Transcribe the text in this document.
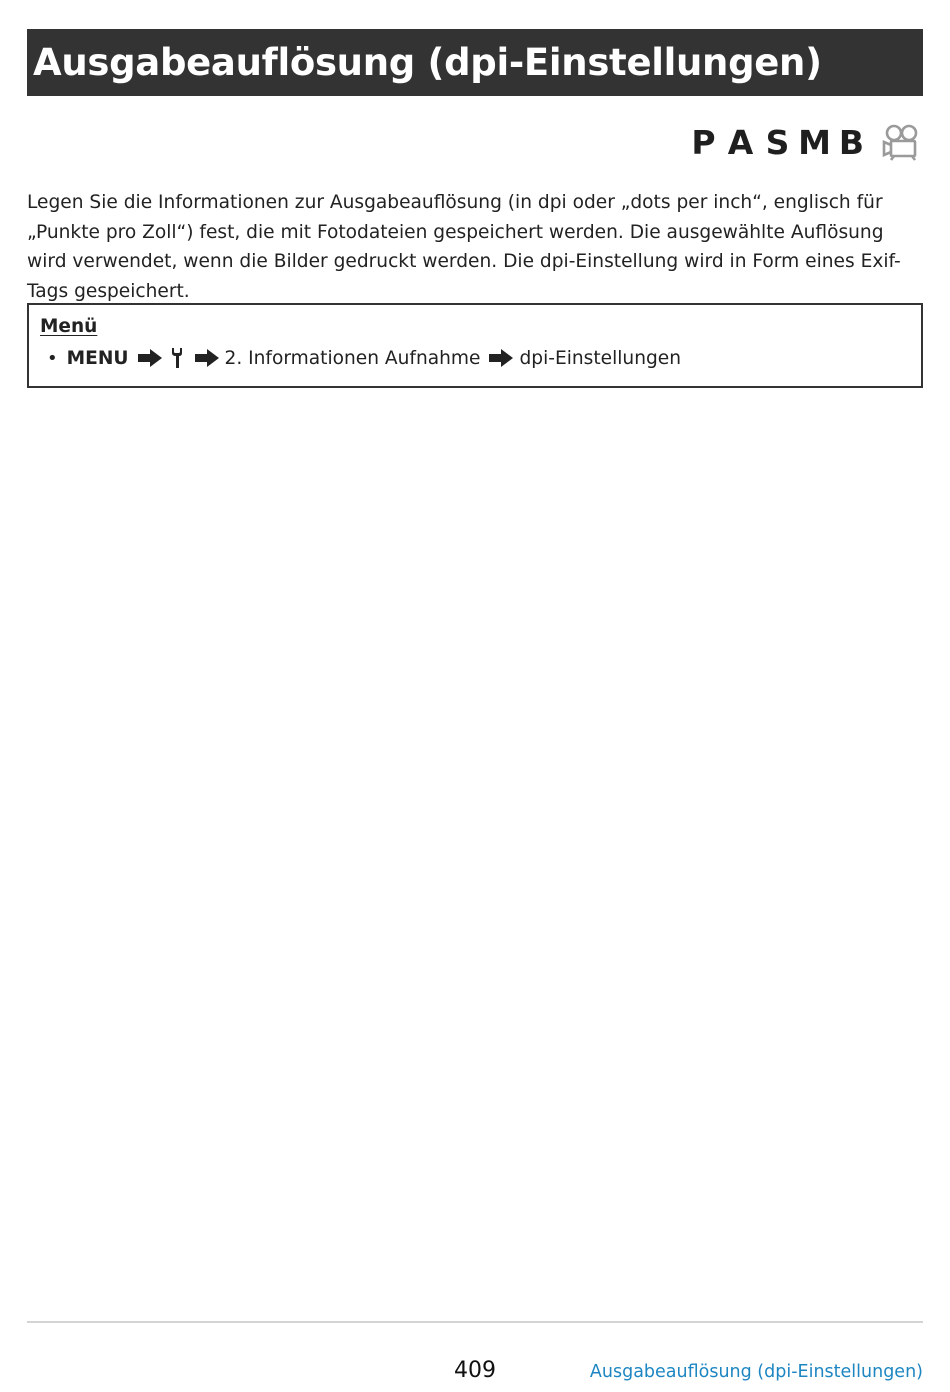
Ausgabeauflösung (dpi-Einstellungen)
P A S M B

Legen Sie die Informationen zur Ausgabeauflösung (in dpi oder „dots per inch“, englisch für „Punkte pro Zoll“) fest, die mit Fotodateien gespeichert werden. Die ausgewählte Auflösung wird verwendet, wenn die Bilder gedruckt werden. Die dpi-Einstellung wird in Form eines Exif-Tags gespeichert.

Menü
• MENU	2. Informationen Aufnahme dpi-Einstellungen
409	Ausgabeauflösung (dpi-Einstellungen)
